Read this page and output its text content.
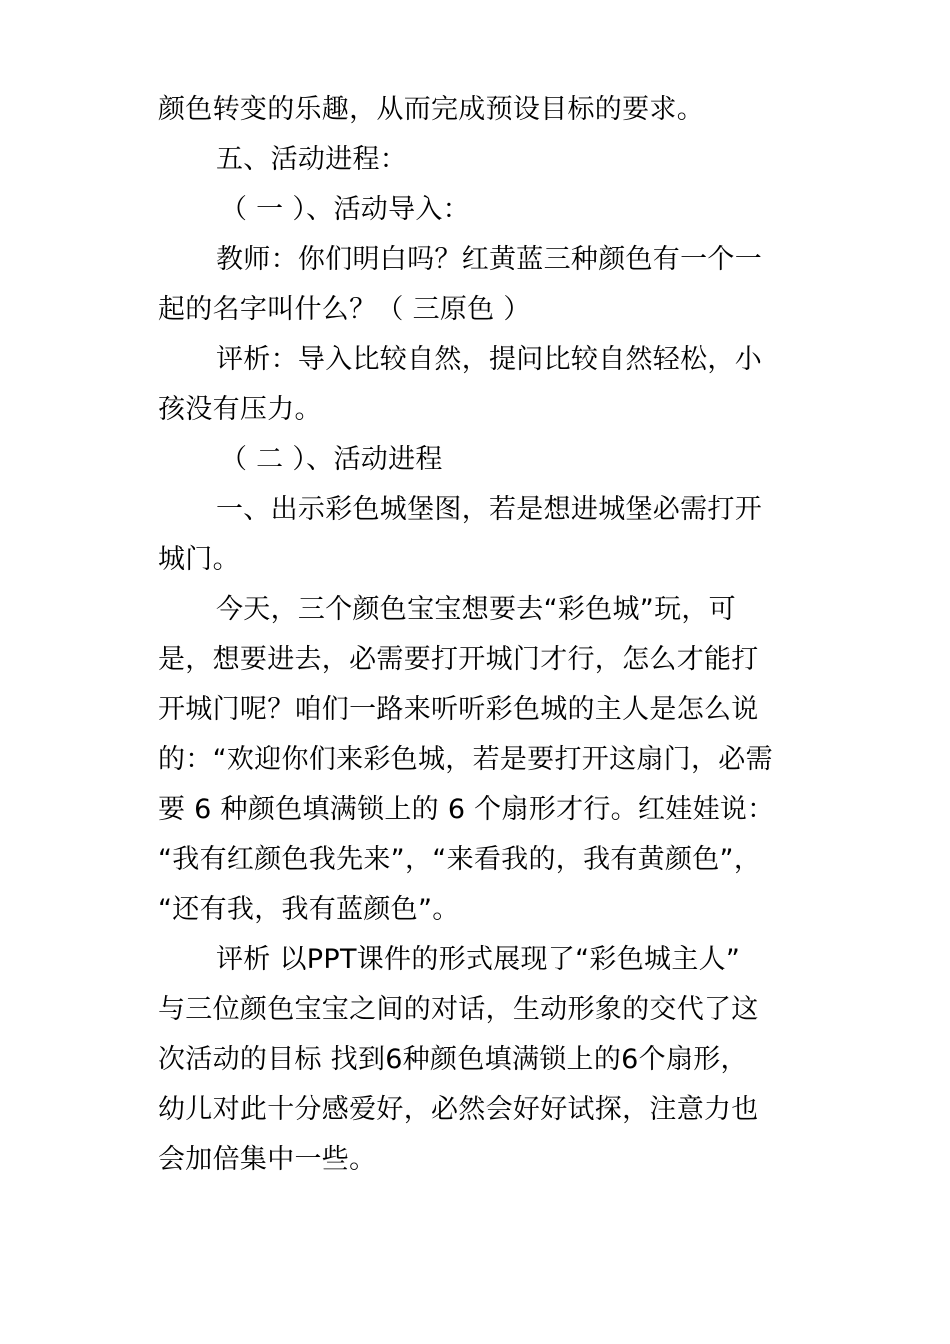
颜色转变的乐趣，从而完成预设目标的要求。
五、活动进程：
（ 一 ）、活动导入：
教师：你们明白吗？红黄蓝三种颜色有一个一
起的名字叫什么？（ 三原色 ）
评析：导入比较自然，提问比较自然轻松，小
孩没有压力。
（ 二 ）、活动进程
一、出示彩色城堡图，若是想进城堡必需打开
城门。
今天，三个颜色宝宝想要去“彩色城”玩，可
是，想要进去，必需要打开城门才行，怎么才能打
开城门呢？咱们一路来听听彩色城的主人是怎么说
的：“欢迎你们来彩色城，若是要打开这扇门，必需
要 6 种颜色填满锁上的 6 个扇形才行。红娃娃说：
“我有红颜色我先来”，“来看我的，我有黄颜色”，
“还有我，我有蓝颜色”。
评析 以PPT课件的形式展现了“彩色城主人”
与三位颜色宝宝之间的对话，生动形象的交代了这
次活动的目标 找到6种颜色填满锁上的6个扇形，
幼儿对此十分感爱好，必然会好好试探，注意力也
会加倍集中一些。
